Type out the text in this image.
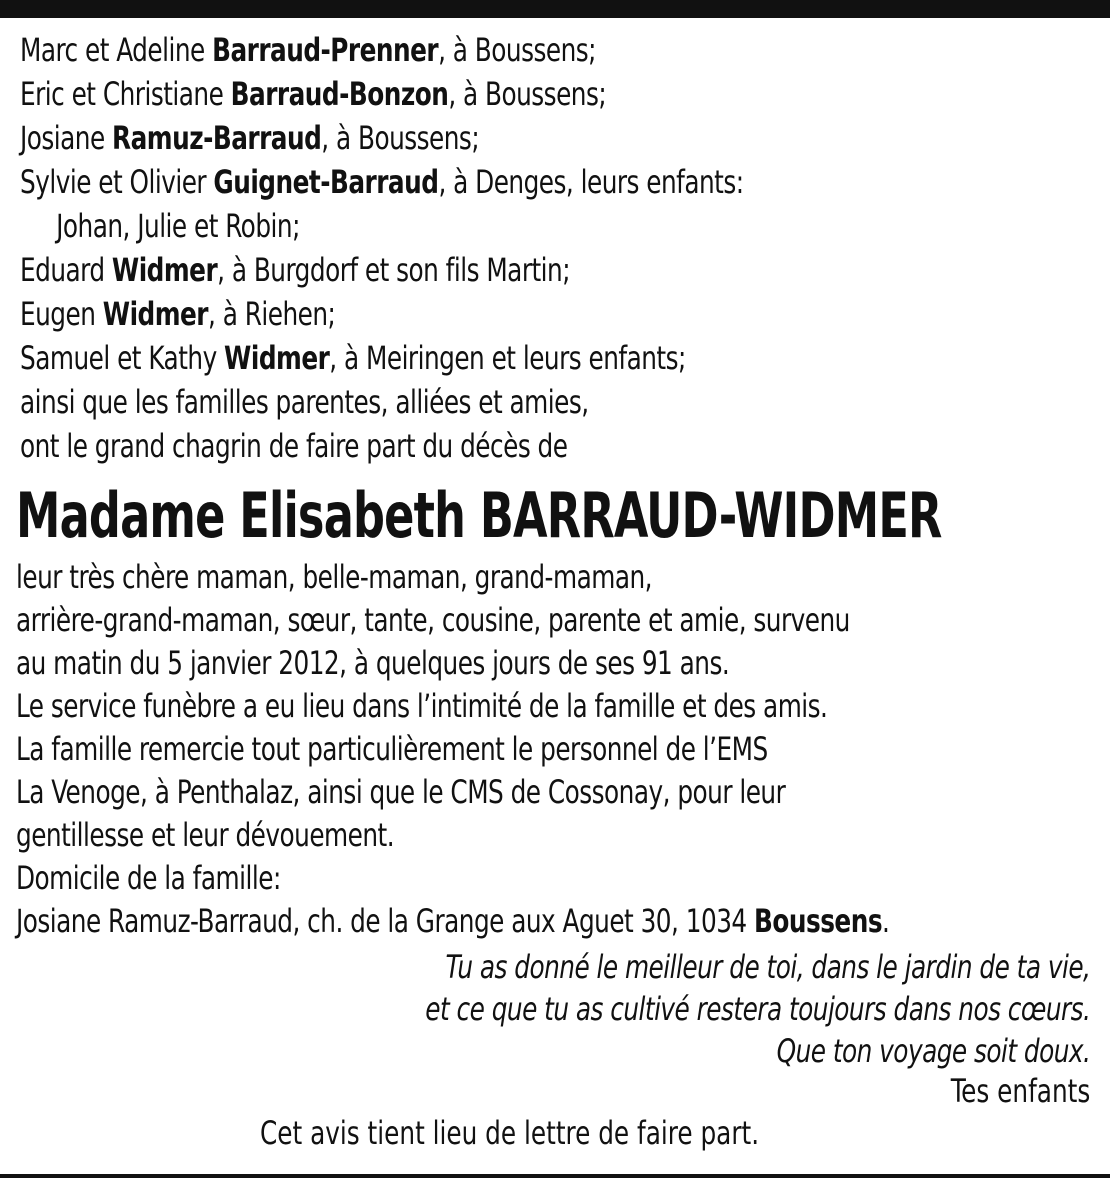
Marc et Adeline Barraud-Prenner, à Boussens;
Eric et Christiane Barraud-Bonzon, à Boussens;
Josiane Ramuz-Barraud, à Boussens;
Sylvie et Olivier Guignet-Barraud, à Denges, leurs enfants:
Johan, Julie et Robin;
Eduard Widmer, à Burgdorf et son fils Martin;
Eugen Widmer, à Riehen;
Samuel et Kathy Widmer, à Meiringen et leurs enfants;
ainsi que les familles parentes, alliées et amies,
ont le grand chagrin de faire part du décès de
Madame Elisabeth BARRAUD-WIDMER
leur très chère maman, belle-maman, grand-maman,
arrière-grand-maman, sœur, tante, cousine, parente et amie, survenu
au matin du 5 janvier 2012, à quelques jours de ses 91 ans.
Le service funèbre a eu lieu dans l’intimité de la famille et des amis.
La famille remercie tout particulièrement le personnel de l’EMS
La Venoge, à Penthalaz, ainsi que le CMS de Cossonay, pour leur
gentillesse et leur dévouement.
Domicile de la famille:
Josiane Ramuz-Barraud, ch. de la Grange aux Aguet 30, 1034 Boussens.
Tu as donné le meilleur de toi, dans le jardin de ta vie,
et ce que tu as cultivé restera toujours dans nos cœurs.
Que ton voyage soit doux.
Tes enfants
Cet avis tient lieu de lettre de faire part.
